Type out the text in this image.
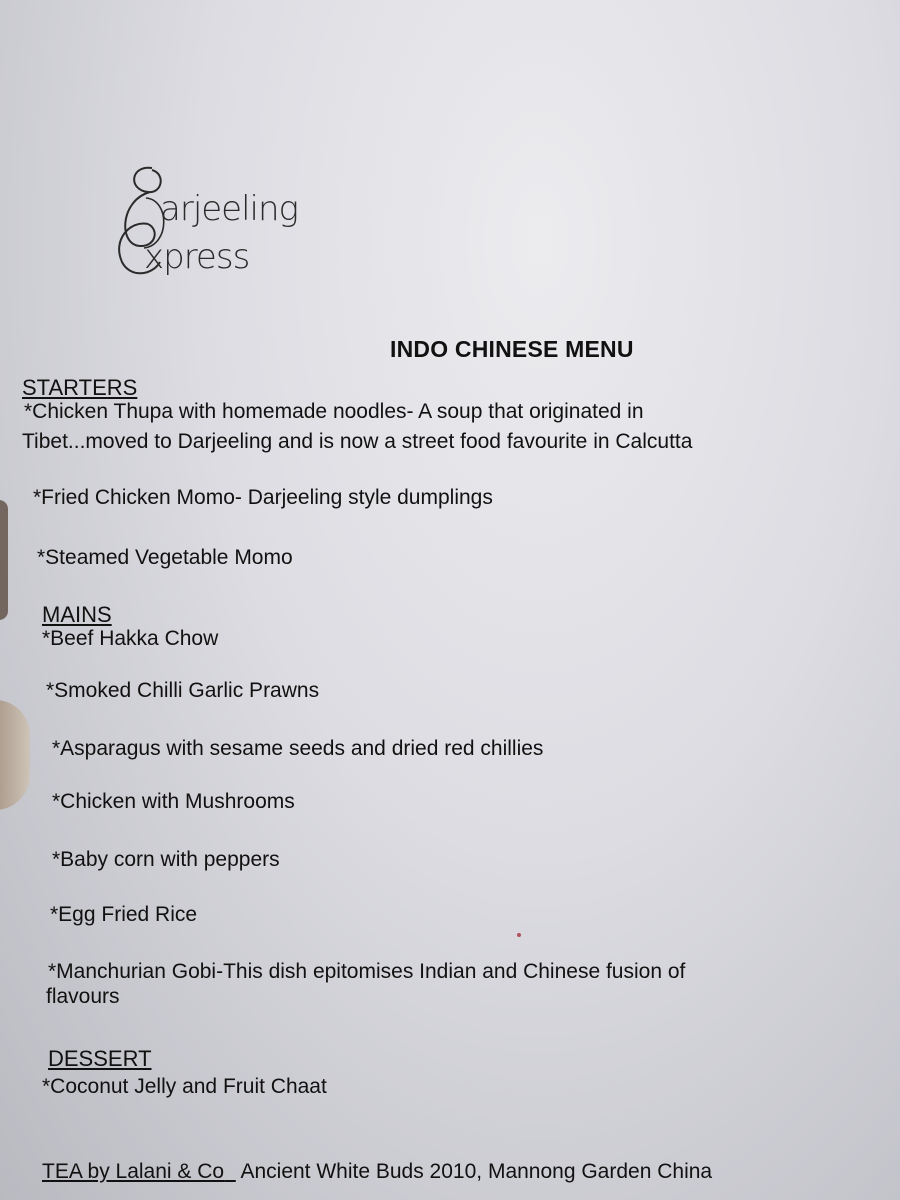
arjeeling
xpress
INDO CHINESE MENU
STARTERS
*Chicken Thupa with homemade noodles- A soup that originated in
Tibet...moved to Darjeeling and is now a street food favourite in Calcutta
*Fried Chicken Momo- Darjeeling style dumplings
*Steamed Vegetable Momo
MAINS
*Beef Hakka Chow
*Smoked Chilli Garlic Prawns
*Asparagus with sesame seeds and dried red chillies
*Chicken with Mushrooms
*Baby corn with peppers
*Egg Fried Rice
*Manchurian Gobi-This dish epitomises Indian and Chinese fusion of
flavours
DESSERT
*Coconut Jelly and Fruit Chaat
TEA by Lalani & Co Ancient White Buds 2010, Mannong Garden China
